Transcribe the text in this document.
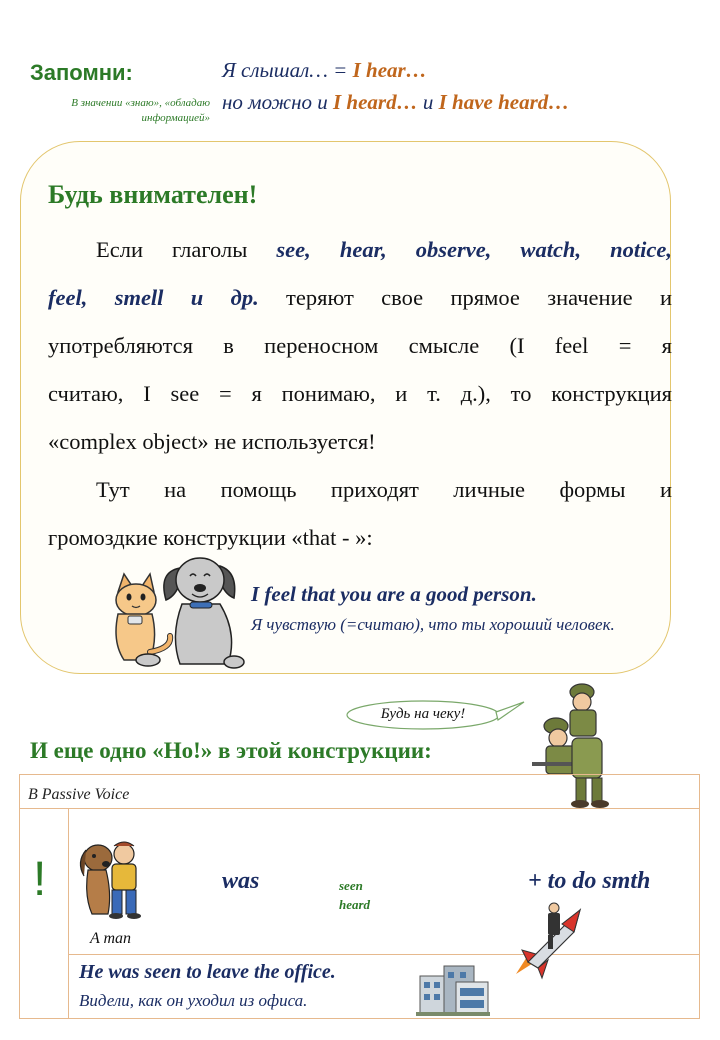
Запомни:
В значении «знаю», «обладаю информацией»
Я слышал… = I hear…
но можно и I heard… и I have heard…
Будь внимателен!
Если глаголы see, hear, observe, watch, notice,
feel, smell и др. теряют свое прямое значение и
употребляются в переносном смысле (I feel = я
считаю, I see = я понимаю, и т. д.), то конструкция
«complex object» не используется!
Тут на помощь приходят личные формы и
громоздкие конструкции «that - »:
I feel that you are a good person.
Я чувствую (=считаю), что ты хороший человек.
Будь на чеку!
И еще одно «Но!» в этой конструкции:
В Passive Voice
!	was	seen
heard
+ to do smth
A man
He was seen to leave the office.
Видели, как он уходил из офиса.
